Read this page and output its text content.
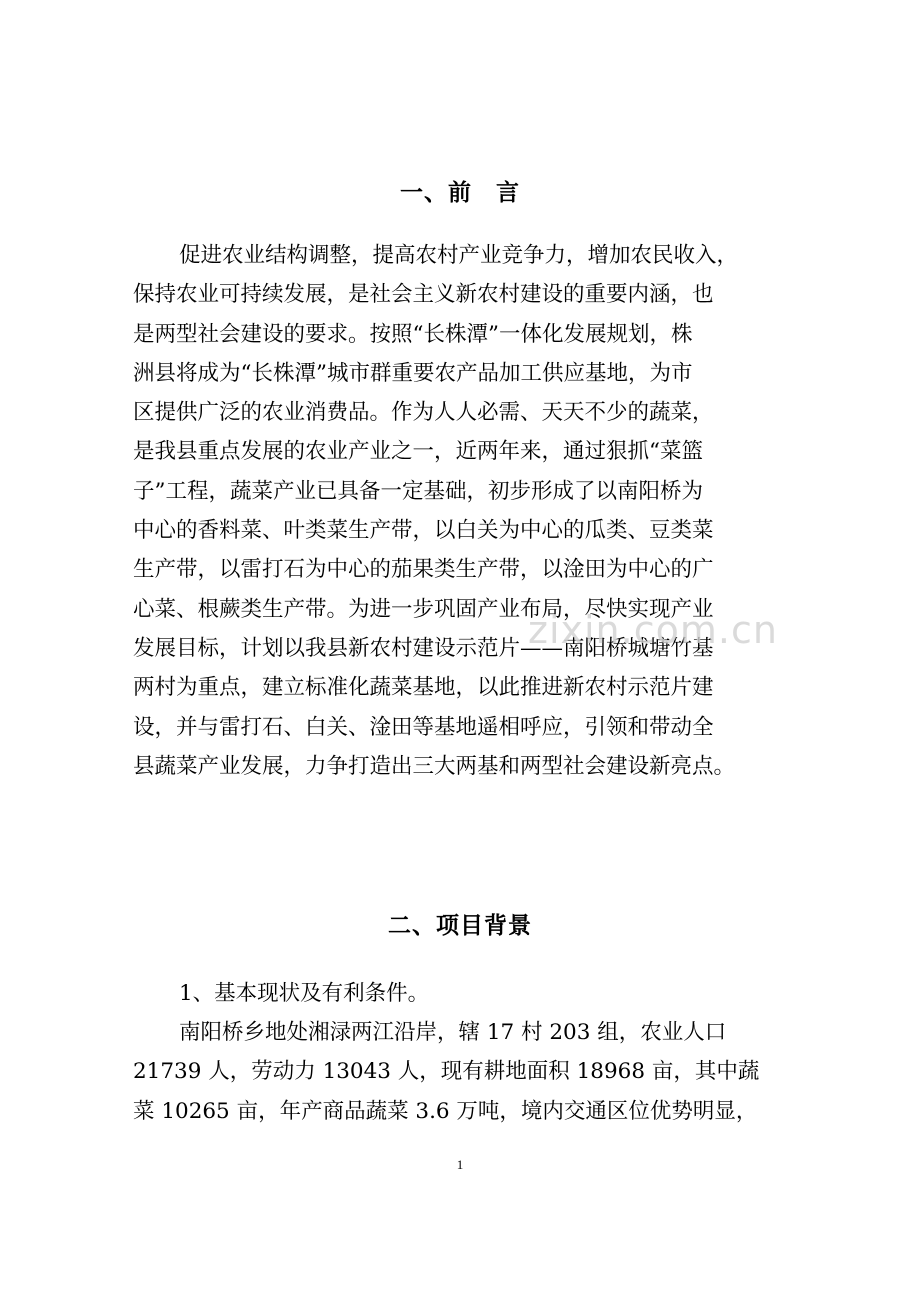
一、前　言
促进农业结构调整，提高农村产业竞争力，增加农民收入，
保持农业可持续发展，是社会主义新农村建设的重要内涵，也
是两型社会建设的要求。按照“长株潭”一体化发展规划，株
洲县将成为“长株潭”城市群重要农产品加工供应基地，为市
区提供广泛的农业消费品。作为人人必需、天天不少的蔬菜，
是我县重点发展的农业产业之一，近两年来，通过狠抓“菜篮
子”工程，蔬菜产业已具备一定基础，初步形成了以南阳桥为
中心的香料菜、叶类菜生产带，以白关为中心的瓜类、豆类菜
生产带，以雷打石为中心的茄果类生产带，以淦田为中心的广
心菜、根蕨类生产带。为进一步巩固产业布局，尽快实现产业
发展目标，计划以我县新农村建设示范片——南阳桥城塘竹基
两村为重点，建立标准化蔬菜基地，以此推进新农村示范片建
设，并与雷打石、白关、淦田等基地遥相呼应，引领和带动全
县蔬菜产业发展，力争打造出三大两基和两型社会建设新亮点。
二、项目背景
1、基本现状及有利条件。
南阳桥乡地处湘渌两江沿岸，辖 17 村 203 组，农业人口
21739 人，劳动力 13043 人，现有耕地面积 18968 亩，其中蔬
菜 10265 亩，年产商品蔬菜 3.6 万吨，境内交通区位优势明显，
zixin.com.cn
1
